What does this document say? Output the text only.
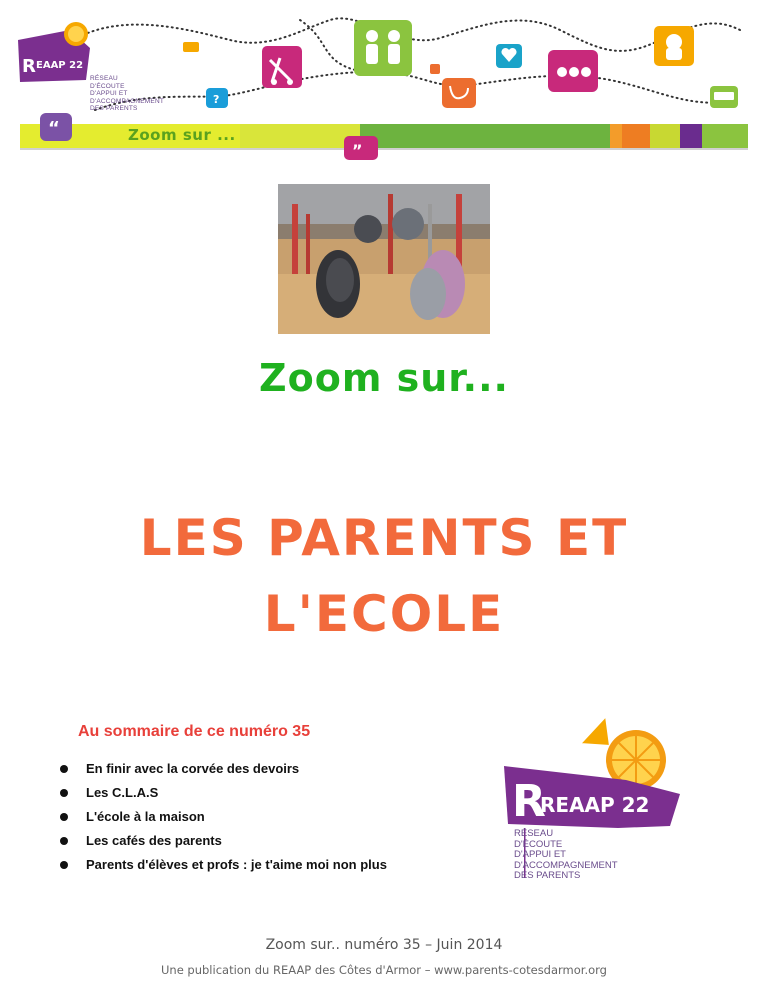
R EAAP 22
“
?
”
RÉSEAU
D'ÉCOUTE
D'APPUI ET
D'ACCOMPAGNEMENT
DES PARENTS
Zoom sur ...
Zoom sur...
LES PARENTS ET
L'ECOLE
Au sommaire de ce numéro 35
En finir avec la corvée des devoirs
Les C.L.A.S
L'école à la maison
Les cafés des parents
Parents d'élèves et profs : je t'aime moi non plus
R
REAAP 22
RÉSEAU
D'ÉCOUTE
D'APPUI ET
D'ACCOMPAGNEMENT
DES PARENTS
Zoom sur.. numéro 35 – Juin 2014
Une publication du REAAP des Côtes d'Armor – www.parents-cotesdarmor.org
